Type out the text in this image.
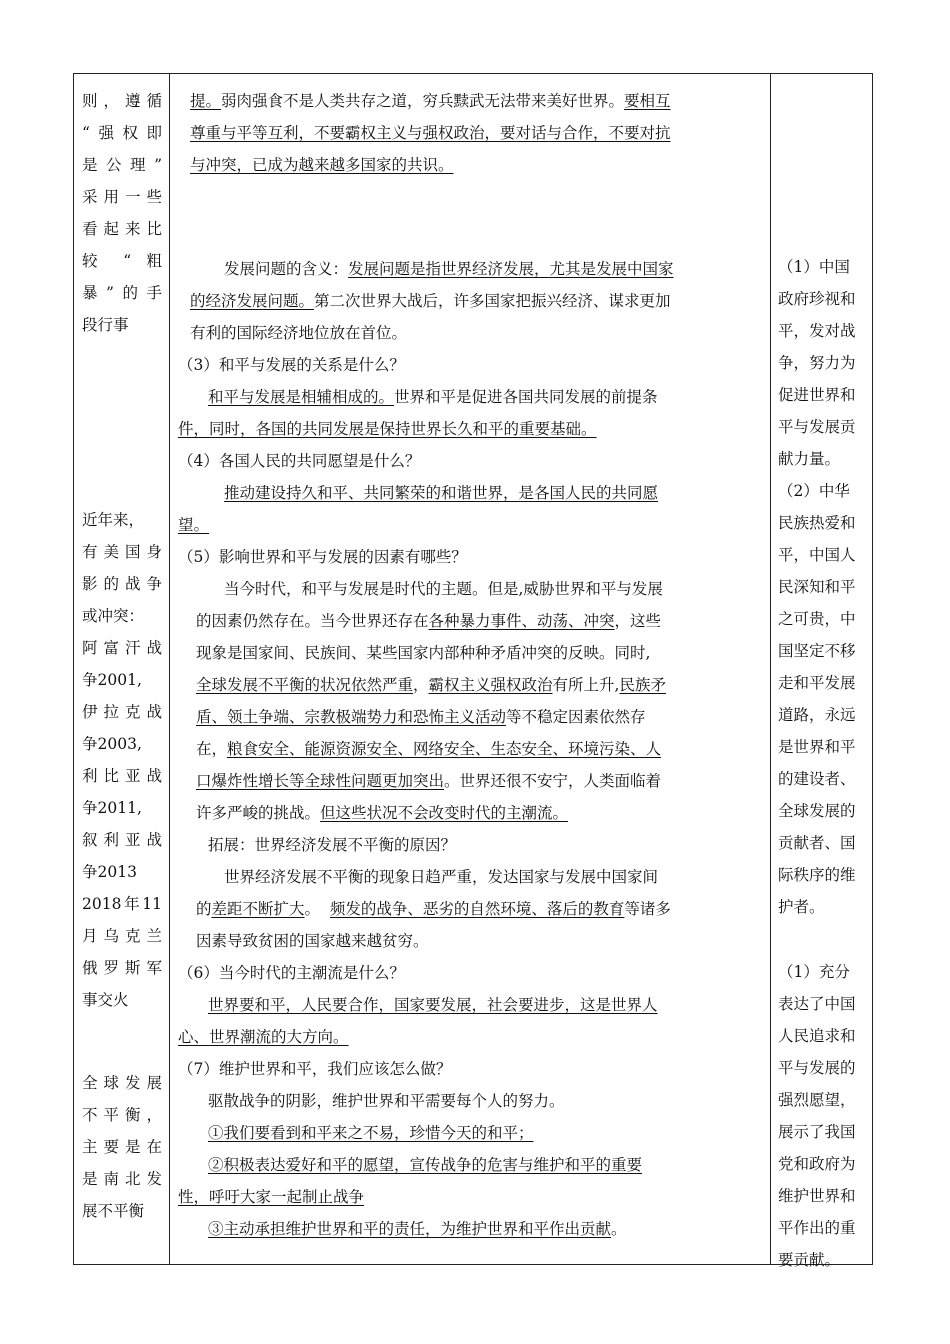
则，遵循

“强权即

是公理”

采用一些

看起来比

较 “ 粗

暴”的手

段行事

近年来，

有美国身

影的战争

或冲突：

阿富汗战

争2001,

伊拉克战

争2003,

利比亚战

争2011,

叙利亚战

争2013

2018年11

月乌克兰

俄罗斯军

事交火

全球发展

不平衡，

主要是在

是南北发

展不平衡

提。弱肉强食不是人类共存之道，穷兵黩武无法带来美好世界。要相互
尊重与平等互利，不要霸权主义与强权政治，要对话与合作，不要对抗
与冲突，已成为越来越多国家的共识。
发展问题的含义：发展问题是指世界经济发展，尤其是发展中国家
的经济发展问题。第二次世界大战后，许多国家把振兴经济、谋求更加
有利的国际经济地位放在首位。
（3）和平与发展的关系是什么？
和平与发展是相辅相成的。世界和平是促进各国共同发展的前提条
件，同时，各国的共同发展是保持世界长久和平的重要基础。
（4）各国人民的共同愿望是什么？
推动建设持久和平、共同繁荣的和谐世界，是各国人民的共同愿
望。
（5）影响世界和平与发展的因素有哪些？
当今时代，和平与发展是时代的主题。但是,威胁世界和平与发展
的因素仍然存在。当今世界还存在各种暴力事件、动荡、冲突，这些
现象是国家间、民族间、某些国家内部种种矛盾冲突的反映。同时,
全球发展不平衡的状况依然严重，霸权主义强权政治有所上升,民族矛
盾、领土争端、宗教极端势力和恐怖主义活动等不稳定因素依然存
在，粮食安全、能源资源安全、网络安全、生态安全、环境污染、人
口爆炸性增长等全球性问题更加突出。世界还很不安宁，人类面临着
许多严峻的挑战。但这些状况不会改变时代的主潮流。
拓展：世界经济发展不平衡的原因？
世界经济发展不平衡的现象日趋严重，发达国家与发展中国家间
的差距不断扩大。 频发的战争、恶劣的自然环境、落后的教育等诸多
因素导致贫困的国家越来越贫穷。
（6）当今时代的主潮流是什么？
世界要和平，人民要合作，国家要发展，社会要进步，这是世界人
心、世界潮流的大方向。
（7）维护世界和平，我们应该怎么做？
驱散战争的阴影，维护世界和平需要每个人的努力。
①我们要看到和平来之不易，珍惜今天的和平；
②积极表达爱好和平的愿望，宣传战争的危害与维护和平的重要
性，呼吁大家一起制止战争
③主动承担维护世界和平的责任，为维护世界和平作出贡献。

（1）中国

政府珍视和

平，发对战

争，努力为

促进世界和

平与发展贡

献力量。

（2）中华

民族热爱和

平，中国人

民深知和平

之可贵，中

国坚定不移

走和平发展

道路，永远

是世界和平

的建设者、

全球发展的

贡献者、国

际秩序的维

护者。

（1）充分

表达了中国

人民追求和

平与发展的

强烈愿望，

展示了我国

党和政府为

维护世界和

平作出的重

要贡献。
